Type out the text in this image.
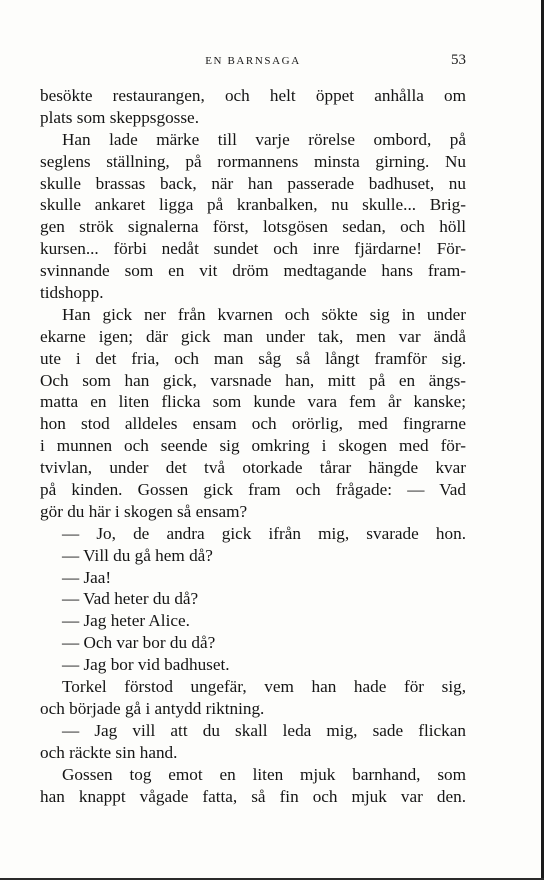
EN BARNSAGA	53
besökte restaurangen, och helt öppet anhålla om
plats som skeppsgosse.
Han lade märke till varje rörelse ombord, på
seglens ställning, på rormannens minsta girning. Nu
skulle brassas back, när han passerade badhuset, nu
skulle ankaret ligga på kranbalken, nu skulle... Brig-
gen strök signalerna först, lotsgösen sedan, och höll
kursen... förbi nedåt sundet och inre fjärdarne! För-
svinnande som en vit dröm medtagande hans fram-
tidshopp.
Han gick ner från kvarnen och sökte sig in under
ekarne igen; där gick man under tak, men var ändå
ute i det fria, och man såg så långt framför sig.
Och som han gick, varsnade han, mitt på en ängs-
matta en liten flicka som kunde vara fem år kanske;
hon stod alldeles ensam och orörlig, med fingrarne
i munnen och seende sig omkring i skogen med för-
tvivlan, under det två otorkade tårar hängde kvar
på kinden. Gossen gick fram och frågade: — Vad
gör du här i skogen så ensam?
— Jo, de andra gick ifrån mig, svarade hon.
— Vill du gå hem då?
— Jaa!
— Vad heter du då?
— Jag heter Alice.
— Och var bor du då?
— Jag bor vid badhuset.
Torkel förstod ungefär, vem han hade för sig,
och började gå i antydd riktning.
— Jag vill att du skall leda mig, sade flickan
och räckte sin hand.
Gossen tog emot en liten mjuk barnhand, som
han knappt vågade fatta, så fin och mjuk var den.
